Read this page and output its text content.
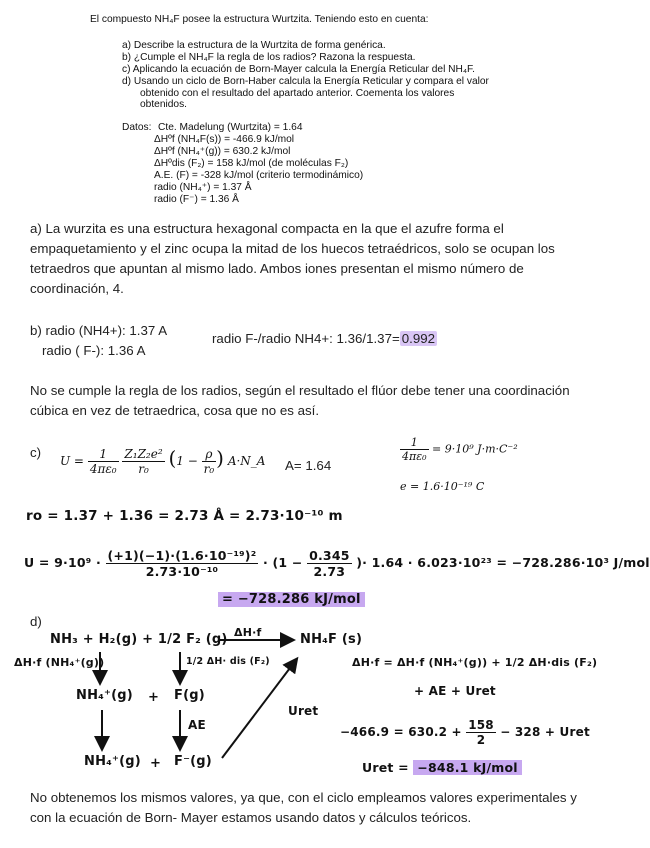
El compuesto NH₄F posee la estructura Wurtzita. Teniendo esto en cuenta:
a) Describe la estructura de la Wurtzita de forma genérica.
b) ¿Cumple el NH₄F la regla de los radios? Razona la respuesta.
c) Aplicando la ecuación de Born-Mayer calcula la Energía Reticular del NH₄F.
d) Usando un ciclo de Born-Haber calcula la Energía Reticular y compara el valor
obtenido con el resultado del apartado anterior. Coementa los valores
obtenidos.
Datos: Cte. Madelung (Wurtzita) = 1.64
ΔHºf (NH₄F(s)) = -466.9 kJ/mol
ΔHºf (NH₄⁺(g)) = 630.2 kJ/mol
ΔHºdis (F₂) = 158 kJ/mol (de moléculas F₂)
A.E. (F) = -328 kJ/mol (criterio termodinámico)
radio (NH₄⁺) = 1.37 Å
radio (F⁻) = 1.36 Å
a) La wurzita es una estructura hexagonal compacta en la que el azufre forma el empaquetamiento y el zinc ocupa la mitad de los huecos tetraédricos, solo se ocupan los tetraedros que apuntan al mismo lado. Ambos iones presentan el mismo número de coordinación, 4.
b) radio (NH4+): 1.37 A
radio ( F-): 1.36 A
radio F-/radio NH4+: 1.36/1.37= 0.992
No se cumple la regla de los radios, según el resultado el flúor debe tener una coordinación cúbica en vez de tetraedrica, cosa que no es así.
c)
$U = \frac{1}{\text{4πε₀}}$
$\frac{\text{Z₁Z₂e²}}{\text{r₀}} (1 - \frac{\rho}{\text{r₀}}$ ) A·N_A A= 1.64
$\frac{1}{\text{4πε₀}} = 9\cdot 10^9$ J·m·C⁻²
e = 1.6·10⁻¹⁹ C
ro = 1.37 + 1.36 = 2.73 Å = 2.73·10⁻¹⁰ m
$U = 9\cdot 10^9 \cdot \frac{\text{(+1)(−1)·(1.6·10⁻¹⁹)²}}{\text{2.73·10⁻¹⁰}} \cdot (1 - \frac{0.345}{2.73}$ )· 1.64 · 6.023·10²³ = −728.286·10³ J/mol
= −728.286 kJ/mol
d)
NH₃ + H₂(g) + 1/2 F₂ (g) ΔH·f	NH₄F (s)
ΔH·f (NH₄⁺(g))	1/2 ΔH· dis (F₂)
NH₄⁺(g) + F(g)
AE
Uret
NH₄⁺(g) + F⁻(g)
ΔH·f = ΔH·f (NH₄⁺(g)) + 1/2 ΔH·dis (F₂)
+ AE + Uret
$-466.9 = 630.2 + \frac{158}{2} - 328$ + Uret
Uret = −848.1 kJ/mol
No obtenemos los mismos valores, ya que, con el ciclo empleamos valores experimentales y con la ecuación de Born- Mayer estamos usando datos y cálculos teóricos.
